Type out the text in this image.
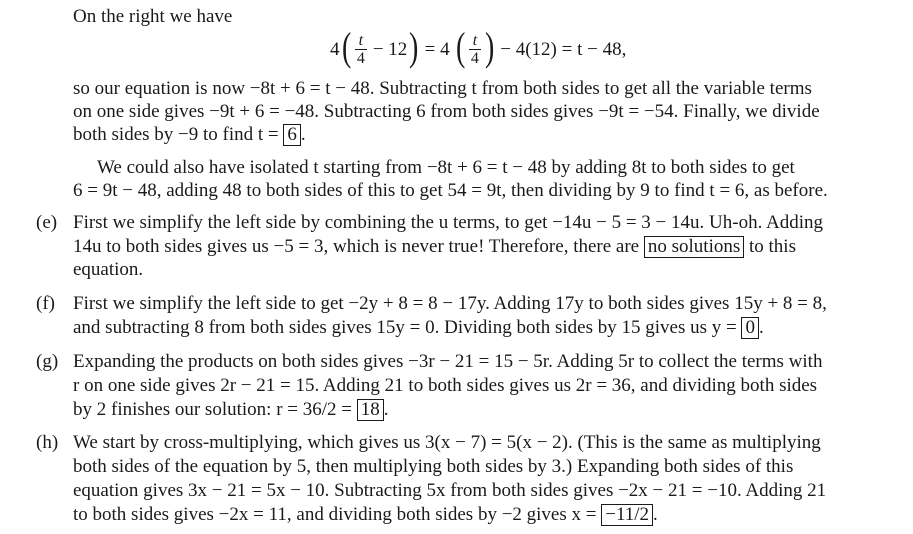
On the right we have
4 ( $\frac{t}{4} - 12$ ) = 4 ( $\frac{t}{4}$ ) − 4(12) = t − 48,
so our equation is now −8t + 6 = t − 48. Subtracting t from both sides to get all the variable terms
on one side gives −9t + 6 = −48. Subtracting 6 from both sides gives −9t = −54. Finally, we divide
both sides by −9 to find t = 6 .
We could also have isolated t starting from −8t + 6 = t − 48 by adding 8t to both sides to get
6 = 9t − 48, adding 48 to both sides of this to get 54 = 9t, then dividing by 9 to find t = 6, as before.
(e) First we simplify the left side by combining the u terms, to get −14u − 5 = 3 − 14u. Uh-oh. Adding
14u to both sides gives us −5 = 3, which is never true! Therefore, there are no solutions to this
equation.
(f) First we simplify the left side to get −2y + 8 = 8 − 17y. Adding 17y to both sides gives 15y + 8 = 8,
and subtracting 8 from both sides gives 15y = 0. Dividing both sides by 15 gives us y = 0 .
(g) Expanding the products on both sides gives −3r − 21 = 15 − 5r. Adding 5r to collect the terms with
r on one side gives 2r − 21 = 15. Adding 21 to both sides gives us 2r = 36, and dividing both sides
by 2 finishes our solution: r = 36/2 = 18 .
(h) We start by cross-multiplying, which gives us 3(x − 7) = 5(x − 2). (This is the same as multiplying
both sides of the equation by 5, then multiplying both sides by 3.) Expanding both sides of this
equation gives 3x − 21 = 5x − 10. Subtracting 5x from both sides gives −2x − 21 = −10. Adding 21
to both sides gives −2x = 11, and dividing both sides by −2 gives x = −11/2 .
